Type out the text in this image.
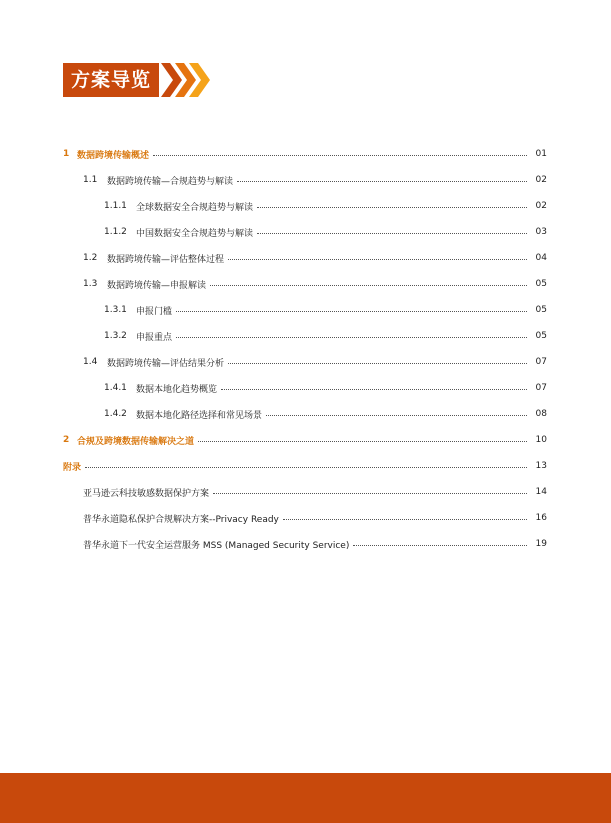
方案导览
1 数据跨境传输概述	01
1.1	数据跨境传输—合规趋势与解读	02
1.1.1	全球数据安全合规趋势与解读	02
1.1.2	中国数据安全合规趋势与解读	03
1.2	数据跨境传输—评估整体过程	04
1.3	数据跨境传输—申报解读	05
1.3.1	申报门槛	05
1.3.2	申报重点	05
1.4	数据跨境传输—评估结果分析	07
1.4.1	数据本地化趋势概览	07
1.4.2	数据本地化路径选择和常见场景	08
2 合规及跨境数据传输解决之道	10
附录	13
亚马逊云科技敏感数据保护方案	14
普华永道隐私保护合规解决方案--Privacy Ready	16
普华永道下一代安全运营服务 MSS (Managed Security Service)	19
